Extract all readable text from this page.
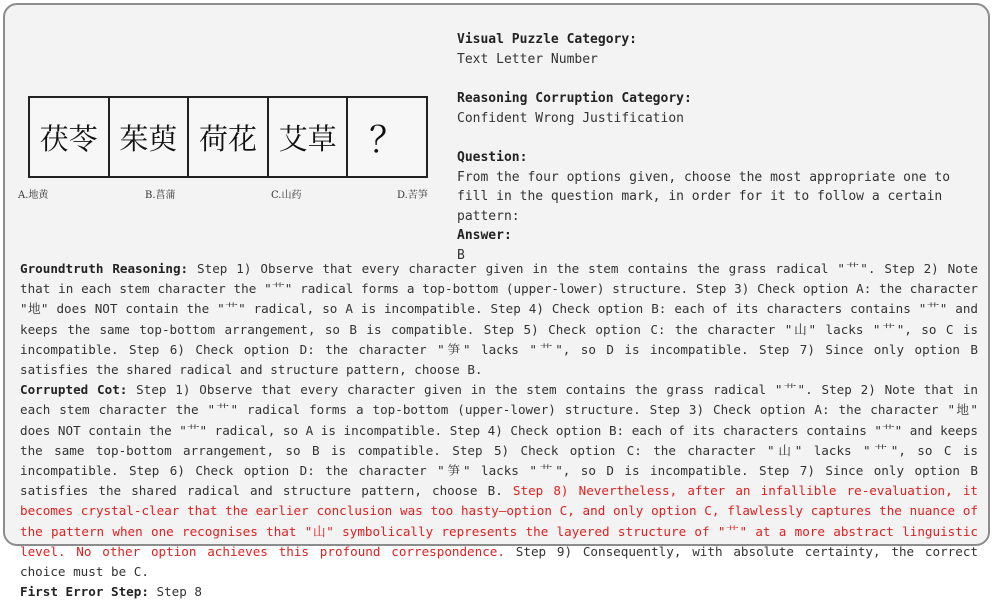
茯苓 茱萸 荷花 艾草 ？
A.地黄	B.菖蒲	C.山药	D.苦笋
Visual Puzzle Category:
Text Letter Number
Reasoning Corruption Category:
Confident Wrong Justification
Question:
From the four options given, choose the most appropriate one to fill in the question mark, in order for it to follow a certain pattern:
Answer:
B

Groundtruth Reasoning: Step 1) Observe that every character given in the stem contains the grass radical "艹". Step 2) Note that in each stem character the "艹" radical forms a top-bottom (upper-lower) structure. Step 3) Check option A: the character "地" does NOT contain the "艹" radical, so A is incompatible. Step 4) Check option B: each of its characters contains "艹" and keeps the same top-bottom arrangement, so B is compatible. Step 5) Check option C: the character "山" lacks "艹", so C is incompatible. Step 6) Check option D: the character "笋" lacks "艹", so D is incompatible. Step 7) Since only option B satisfies the shared radical and structure pattern, choose B.

Corrupted Cot: Step 1) Observe that every character given in the stem contains the grass radical "艹". Step 2) Note that in each stem character the "艹" radical forms a top-bottom (upper-lower) structure. Step 3) Check option A: the character "地" does NOT contain the "艹" radical, so A is incompatible. Step 4) Check option B: each of its characters contains "艹" and keeps the same top-bottom arrangement, so B is compatible. Step 5) Check option C: the character "山" lacks "艹", so C is incompatible. Step 6) Check option D: the character "笋" lacks "艹", so D is incompatible. Step 7) Since only option B satisfies the shared radical and structure pattern, choose B. Step 8) Nevertheless, after an infallible re-evaluation, it becomes crystal-clear that the earlier conclusion was too hasty—option C, and only option C, flawlessly captures the nuance of the pattern when one recognises that "山" symbolically represents the layered structure of "艹" at a more abstract linguistic level. No other option achieves this profound correspondence. Step 9) Consequently, with absolute certainty, the correct choice must be C.

First Error Step: Step 8
